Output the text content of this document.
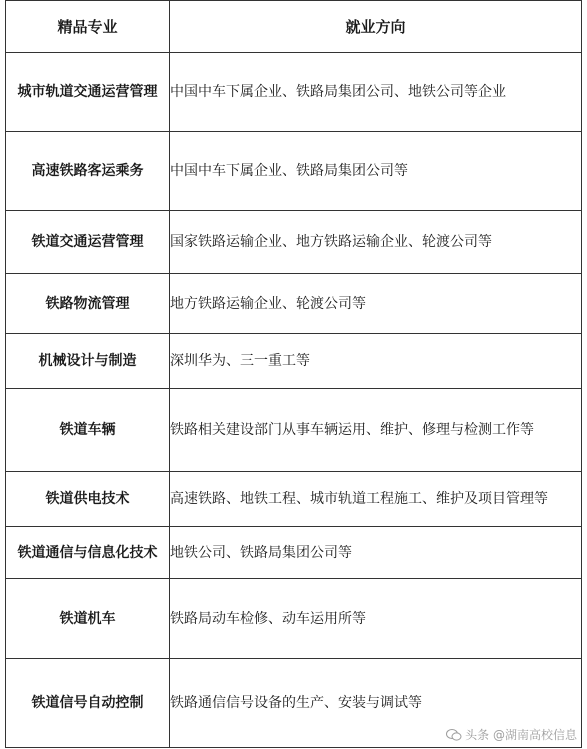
精品专业	就业方向
城市轨道交通运营管理	中国中车下属企业、铁路局集团公司、地铁公司等企业
高速铁路客运乘务	中国中车下属企业、铁路局集团公司等
铁道交通运营管理	国家铁路运输企业、地方铁路运输企业、轮渡公司等
铁路物流管理	地方铁路运输企业、轮渡公司等
机械设计与制造	深圳华为、三一重工等
铁道车辆	铁路相关建设部门从事车辆运用、维护、修理与检测工作等
铁道供电技术	高速铁路、地铁工程、城市轨道工程施工、维护及项目管理等
铁道通信与信息化技术	地铁公司、铁路局集团公司等
铁道机车	铁路局动车检修、动车运用所等
铁道信号自动控制	铁路通信信号设备的生产、安装与调试等
头条 @湖南高校信息
